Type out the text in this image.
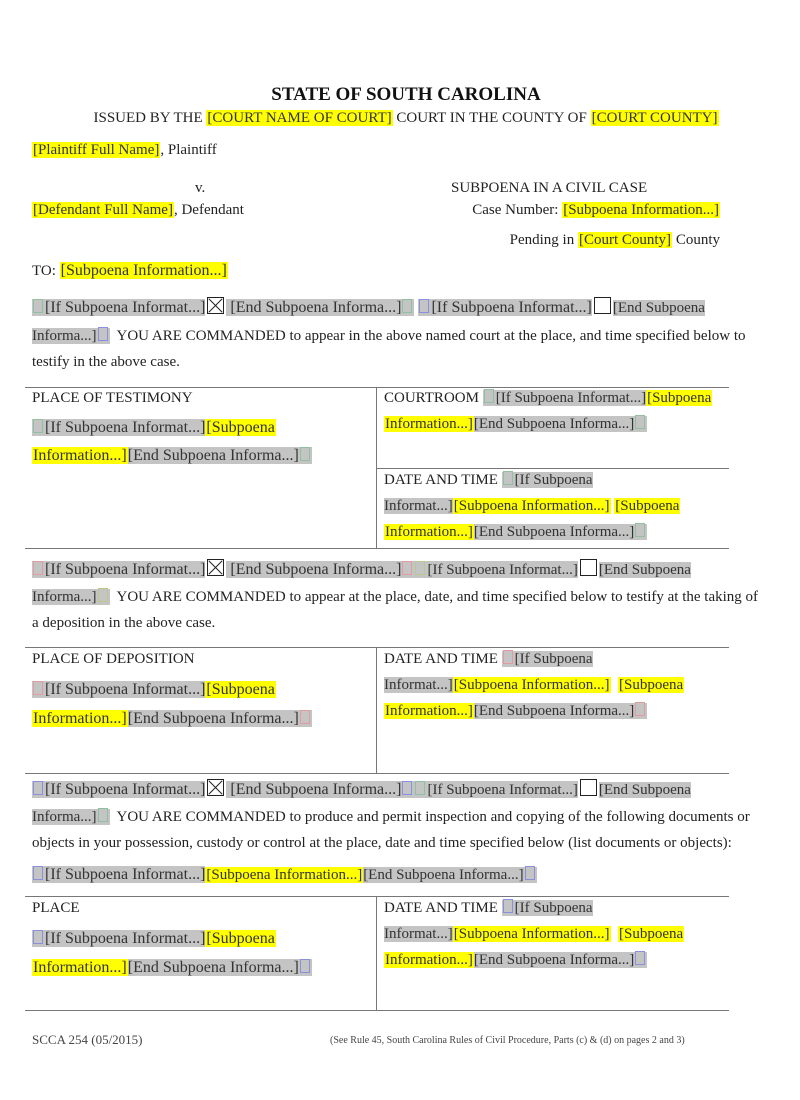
STATE OF SOUTH CAROLINA
ISSUED BY THE [COURT NAME OF COURT] COURT IN THE COUNTY OF [COURT COUNTY]
[Plaintiff Full Name], Plaintiff
v.
[Defendant Full Name], Defendant
SUBPOENA IN A CIVIL CASE
Case Number: [Subpoena Information...]
Pending in [Court County] County
TO: [Subpoena Information...]
[If Subpoena Informat...] [End Subpoena Informa...] [If Subpoena Informat...] [End Subpoena
Informa...] YOU ARE COMMANDED to appear in the above named court at the place, and time specified below to
testify in the above case.
PLACE OF TESTIMONY
[If Subpoena Informat...][Subpoena
Information...][End Subpoena Informa...]
COURTROOM [If Subpoena Informat...][Subpoena
Information...][End Subpoena Informa...]
DATE AND TIME [If Subpoena
Informat...][Subpoena Information...] [Subpoena
Information...][End Subpoena Informa...]
[If Subpoena Informat...] [End Subpoena Informa...] [If Subpoena Informat...] [End Subpoena
Informa...] YOU ARE COMMANDED to appear at the place, date, and time specified below to testify at the taking of
a deposition in the above case.
PLACE OF DEPOSITION
[If Subpoena Informat...][Subpoena
Information...][End Subpoena Informa...]
DATE AND TIME [If Subpoena
Informat...][Subpoena Information...] [Subpoena
Information...][End Subpoena Informa...]
[If Subpoena Informat...] [End Subpoena Informa...] [If Subpoena Informat...] [End Subpoena
Informa...] YOU ARE COMMANDED to produce and permit inspection and copying of the following documents or
objects in your possession, custody or control at the place, date and time specified below (list documents or objects):
[If Subpoena Informat...][Subpoena Information...][End Subpoena Informa...]
PLACE
[If Subpoena Informat...][Subpoena
Information...][End Subpoena Informa...]
DATE AND TIME [If Subpoena
Informat...][Subpoena Information...] [Subpoena
Information...][End Subpoena Informa...]
SCCA 254 (05/2015)	(See Rule 45, South Carolina Rules of Civil Procedure, Parts (c) & (d) on pages 2 and 3)
